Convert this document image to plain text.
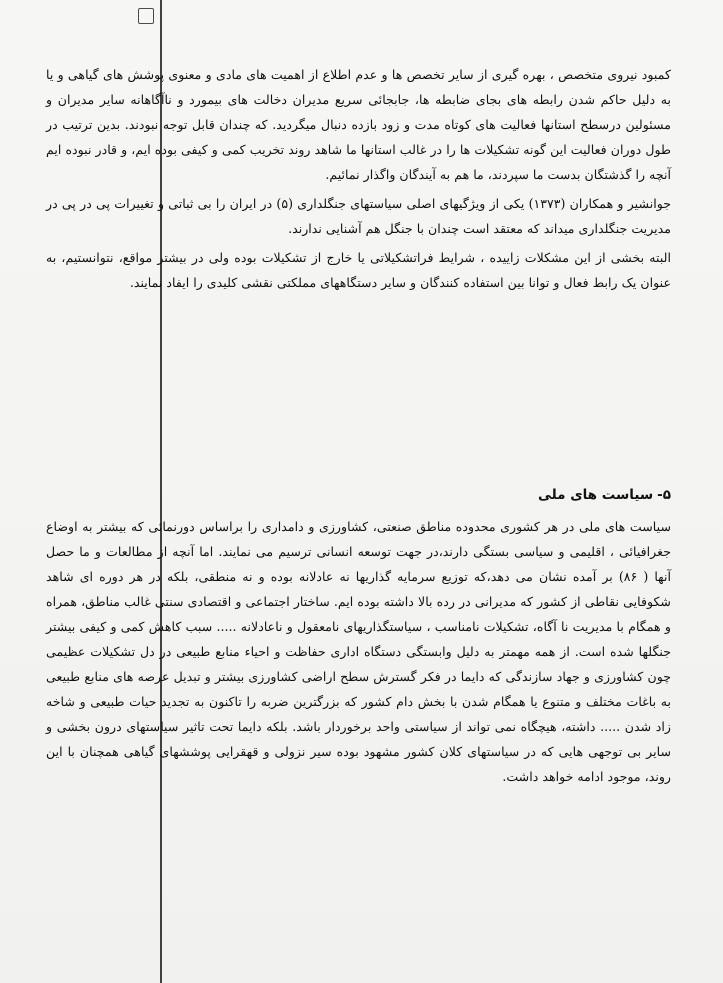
کمبود نیروی متخصص ، بهره گیری از سایر تخصص ها و عدم اطلاع از اهمیت های مادی و معنوی پوشش های گیاهی و یا به دلیل حاکم شدن رابطه های بجای ضابطه ها، جابجائی سریع مدیران دخالت های بیمورد و ناآگاهانه سایر مدیران و مسئولین درسطح استانها فعالیت های کوتاه مدت و زود بازده دنبال میگردید. که چندان قابل توجه نبودند. بدین ترتیب در طول دوران فعالیت این گونه تشکیلات ها را در غالب استانها ما شاهد روند تخریب کمی و کیفی بوده ایم، و قادر نبوده ایم آنچه را گذشتگان بدست ما سپردند، ما هم به آیندگان واگذار نمائیم.

جوانشیر و همکاران (۱۳۷۳) یکی از ویژگیهای اصلی سیاستهای جنگلداری (۵) در ایران را بی ثباتی و تغییرات پی در پی در مدیریت جنگلداری میداند که معتقد است چندان با جنگل هم آشنایی ندارند.

البته بخشی از این مشکلات زاییده ، شرایط فراتشکیلاتی یا خارج از تشکیلات بوده ولی در بیشتر مواقع، نتوانستیم، به عنوان یک رابط فعال و توانا بین استفاده کنندگان و سایر دستگاههای مملکتی نقشی کلیدی را ایفاد نمایند.

۵-سیاست های ملی

سیاست های ملی در هر کشوری محدوده مناطق صنعتی، کشاورزی و دامداری را براساس دورنمائی که بیشتر به اوضاع جغرافیائی ، اقلیمی و سیاسی بستگی دارند،در جهت توسعه انسانی ترسیم می نمایند. اما آنچه از مطالعات و ما حصل آنها ( ۸۶) بر آمده نشان می دهد،که توزیع سرمایه گذاریها نه عادلانه بوده و نه منطقی، بلکه در هر دوره ای شاهد شکوفایی نقاطی از کشور که مدیرانی در رده بالا داشته بوده ایم. ساختار اجتماعی و اقتصادی سنتی غالب مناطق، همراه و همگام با مدیریت نا آگاه، تشکیلات نامناسب ، سیاستگذاریهای نامعقول و ناعادلانه ..... سبب کاهش کمی و کیفی بیشتر جنگلها شده است. از همه مهمتر به دلیل وابستگی دستگاه اداری حفاظت و احیاء منابع طبیعی در دل تشکیلات عظیمی چون کشاورزی و جهاد سازندگی که دایما در فکر گسترش سطح اراضی کشاورزی بیشتر و تبدیل عرصه های منابع طبیعی به باغات مختلف و متنوع یا همگام شدن با بخش دام کشور که بزرگترین ضربه را تاکنون به تجدید حیات طبیعی و شاخه زاد شدن ..... داشته، هیچگاه نمی تواند از سیاستی واحد برخوردار باشد. بلکه دایما تحت تاثیر سیاستهای درون بخشی و سایر بی توجهی هایی که در سیاستهای کلان کشور مشهود بوده سیر نزولی و قهقرایی پوششهای گیاهی همچنان با این روند، موجود ادامه خواهد داشت.
